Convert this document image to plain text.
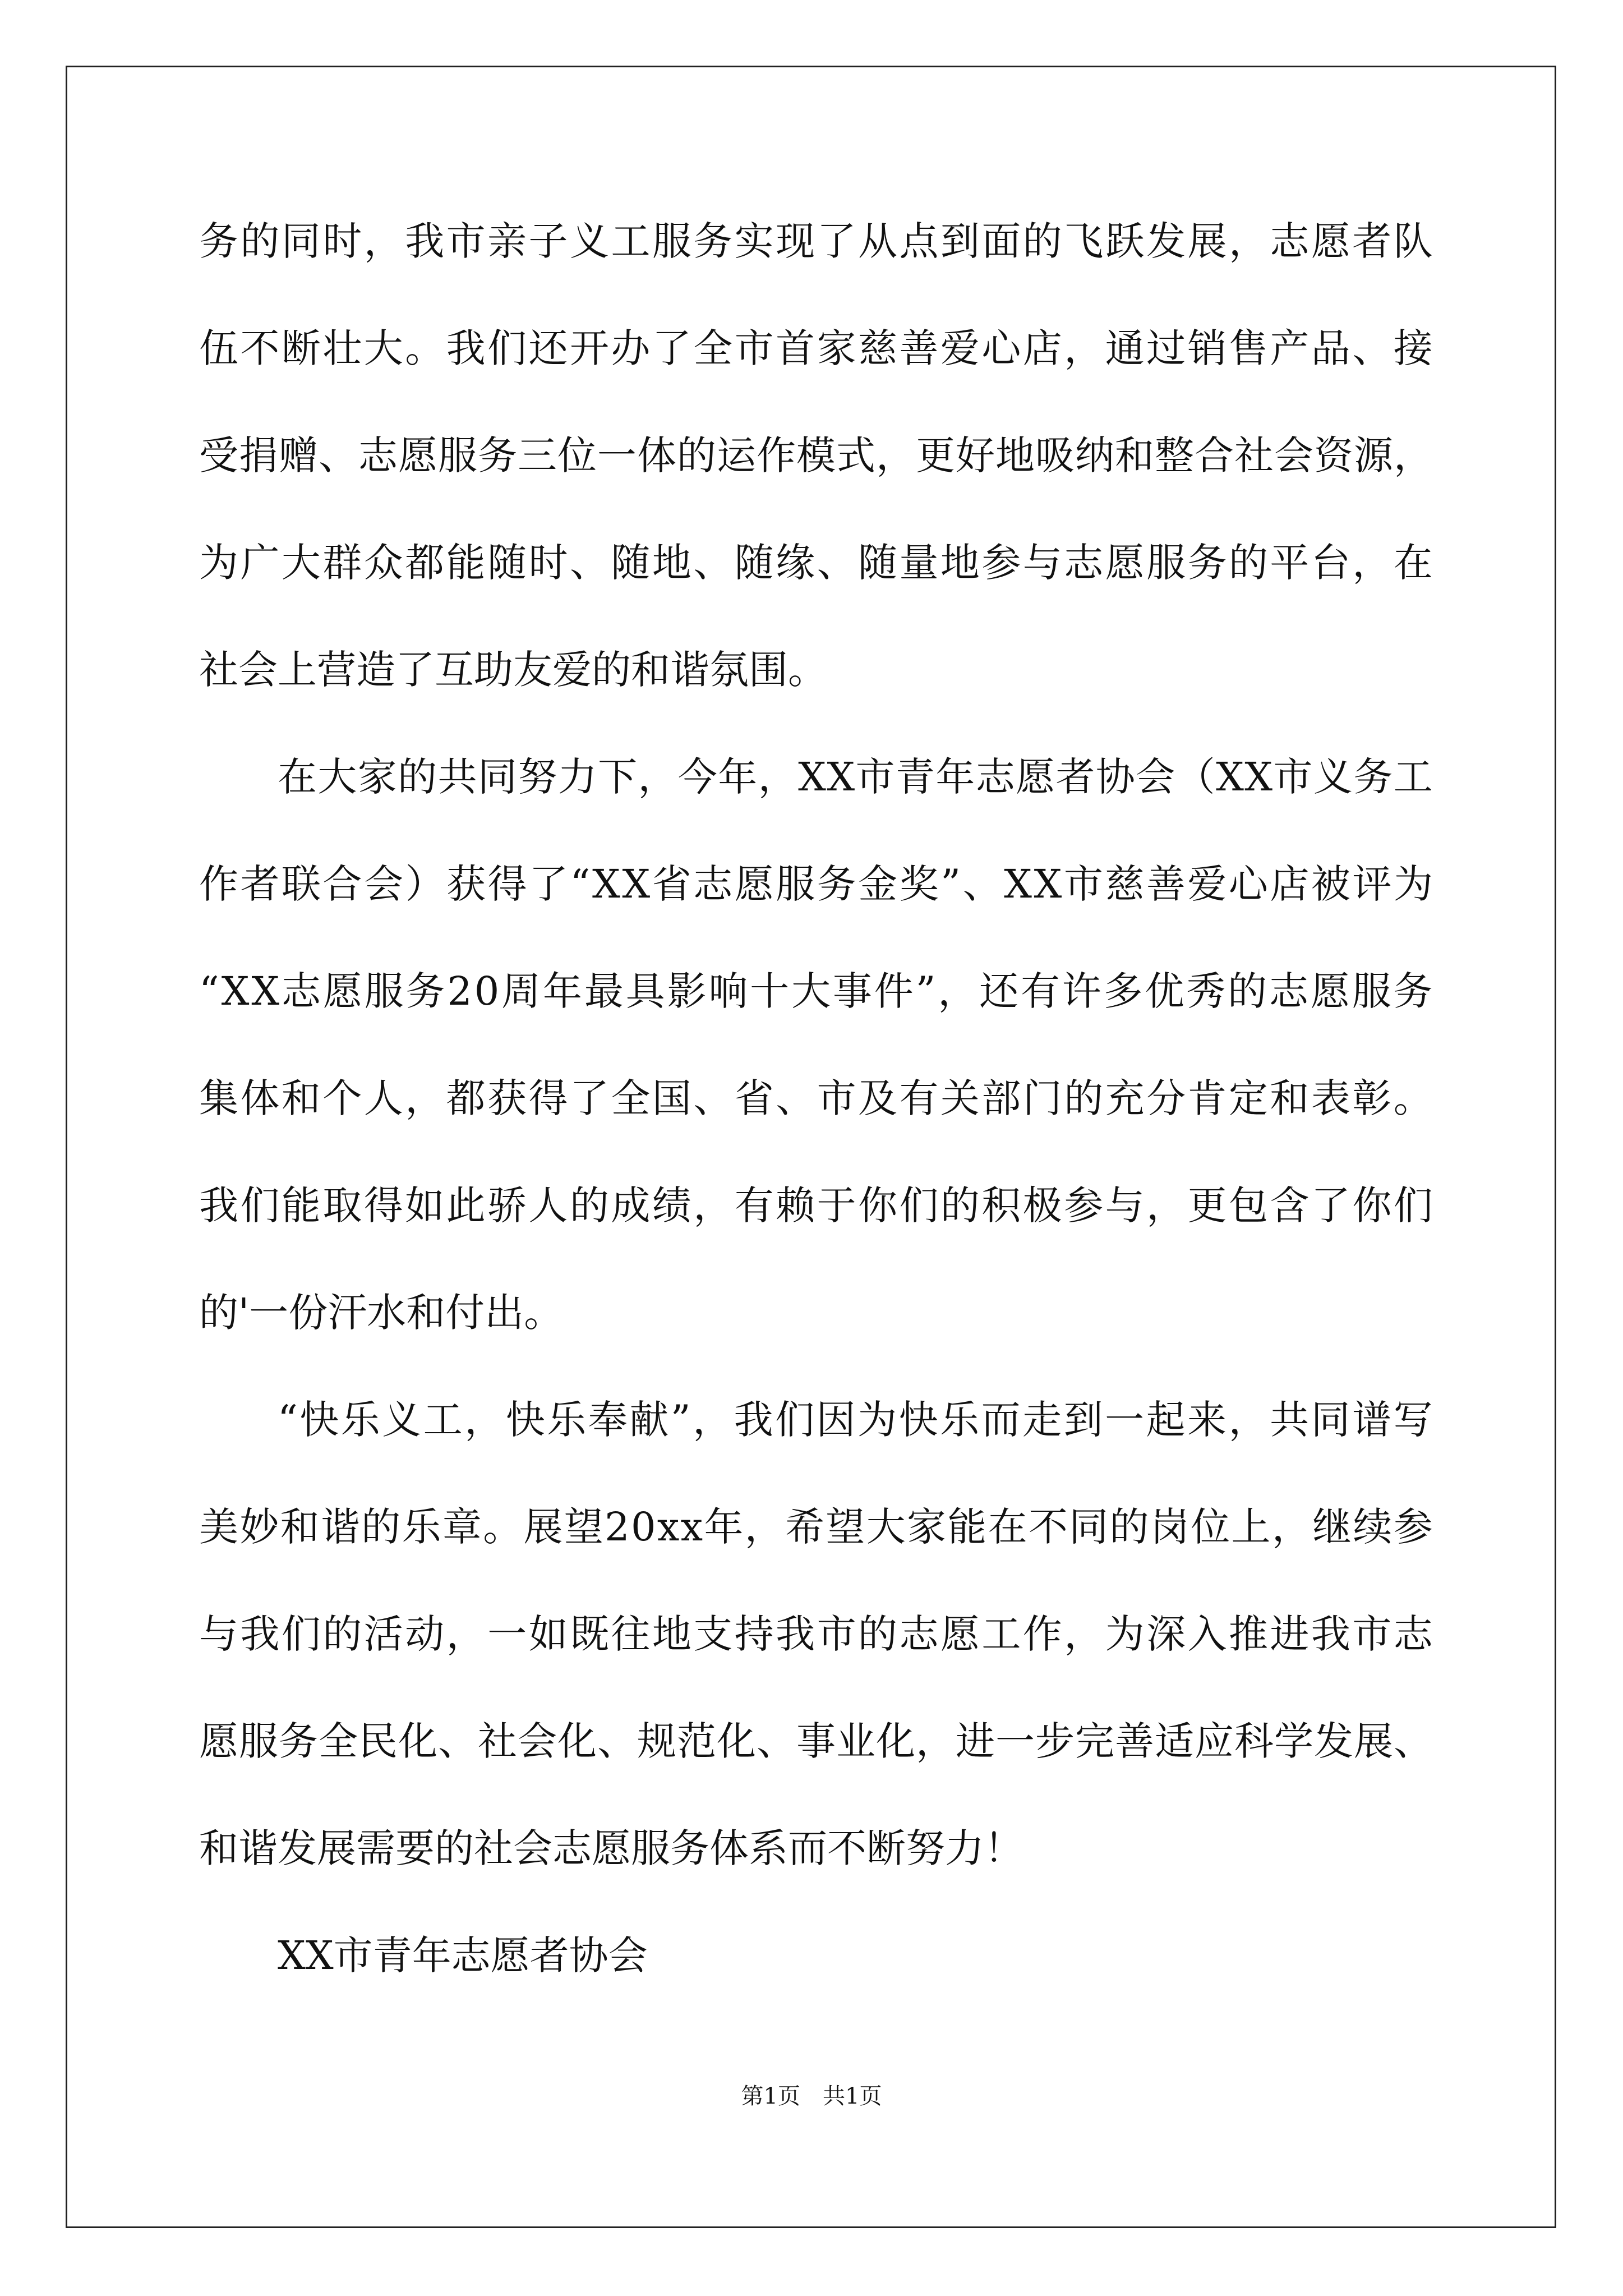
务 的 同 时 ， 我 市 亲 子 义 工 服 务 实 现 了 从 点 到 面 的 飞 跃 发 展 ， 志 愿 者 队
伍 不 断 壮 大 。 我 们 还 开 办 了 全 市 首 家 慈 善 爱 心 店 ， 通 过 销 售 产 品 、 接
受 捐 赠 、 志 愿 服 务 三 位 一 体 的 运 作 模 式 ， 更 好 地 吸 纳 和 整 合 社 会 资 源 ，
为 广 大 群 众 都 能 随 时 、 随 地 、 随 缘 、 随 量 地 参 与 志 愿 服 务 的 平 台 ， 在
社会上营造了互助友爱的和谐氛围。
在 大 家 的 共 同 努 力 下 ， 今 年 ， X X 市 青 年 志 愿 者 协 会 （ X X 市 义 务 工
作 者 联 合 会 ） 获 得 了 “ X X 省 志 愿 服 务 金 奖 ” 、 X X 市 慈 善 爱 心 店 被 评 为
“ X X 志 愿 服 务 2 0 周 年 最 具 影 响 十 大 事 件 ” ， 还 有 许 多 优 秀 的 志 愿 服 务
集 体 和 个 人 ， 都 获 得 了 全 国 、 省 、 市 及 有 关 部 门 的 充 分 肯 定 和 表 彰 。
我 们 能 取 得 如 此 骄 人 的 成 绩 ， 有 赖 于 你 们 的 积 极 参 与 ， 更 包 含 了 你 们
的'一份汗水和付出。
“ 快 乐 义 工 ， 快 乐 奉 献 ” ， 我 们 因 为 快 乐 而 走 到 一 起 来 ， 共 同 谱 写
美 妙 和 谐 的 乐 章 。 展 望 2 0 x x 年 ， 希 望 大 家 能 在 不 同 的 岗 位 上 ， 继 续 参
与 我 们 的 活 动 ， 一 如 既 往 地 支 持 我 市 的 志 愿 工 作 ， 为 深 入 推 进 我 市 志
愿 服 务 全 民 化 、 社 会 化 、 规 范 化 、 事 业 化 ， 进 一 步 完 善 适 应 科 学 发 展 、
和谐发展需要的社会志愿服务体系而不断努力！
XX市青年志愿者协会
第1页　共1页
